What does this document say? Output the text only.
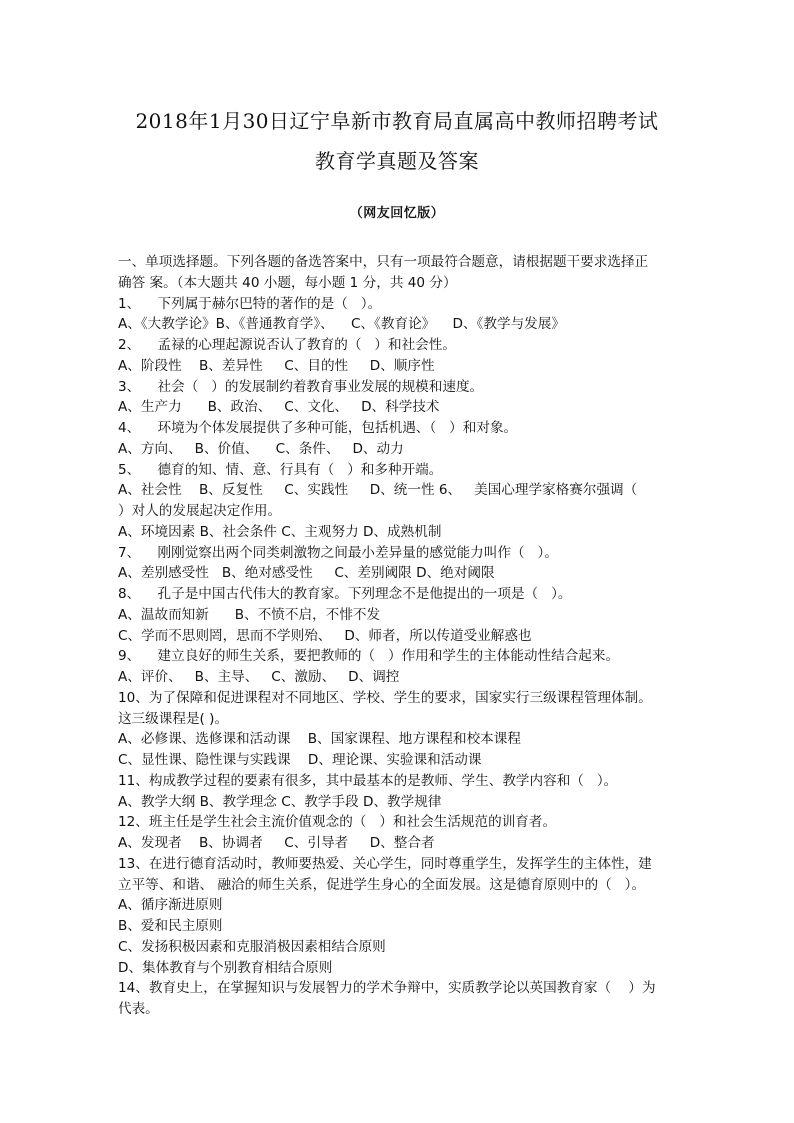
2018年1月30日辽宁阜新市教育局直属高中教师招聘考试
教育学真题及答案
（网友回忆版）
一、单项选择题。下列各题的备选答案中，只有一项最符合题意，请根据题干要求选择正
确答 案。（本大题共 40 小题，每小题 1 分，共 40 分）
1、    下列属于赫尔巴特的著作的是（   ）。
A、《大教学论》B、《普通教育学》、    C、《教育论》    D、《教学与发展》
2、    孟禄的心理起源说否认了教育的（   ）和社会性。
A、阶段性    B、差异性     C、目的性     D、顺序性
3、    社会（   ）的发展制约着教育事业发展的规模和速度。
A、生产力      B、政治、   C、文化、   D、科学技术
4、    环境为个体发展提供了多种可能，包括机遇、（   ）和对象。
A、方向、   B、价值、    C、条件、   D、动力
5、    德育的知、情、意、行具有（   ）和多种开端。
A、社会性    B、反复性     C、实践性     D、统一性 6、   美国心理学家格赛尔强调（
）对人的发展起决定作用。
A、环境因素 B、社会条件 C、主观努力 D、成熟机制
7、    刚刚觉察出两个同类刺激物之间最小差异量的感觉能力叫作（   ）。
A、差别感受性   B、绝对感受性     C、差别阈限 D、绝对阈限
8、    孔子是中国古代伟大的教育家。下列理念不是他提出的一项是（   ）。
A、温故而知新      B、不愤不启，不悱不发
C、学而不思则罔，思而不学则殆、   D、师者，所以传道受业解惑也
9、    建立良好的师生关系，要把教师的（   ）作用和学生的主体能动性结合起来。
A、评价、   B、主导、   C、激励、   D、调控
10、为了保障和促进课程对不同地区、学校、学生的要求，国家实行三级课程管理体制。
这三级课程是( )。
A、必修课、选修课和活动课    B、国家课程、地方课程和校本课程
C、显性课、隐性课与实践课    D、理论课、实验课和活动课
11、构成教学过程的要素有很多，其中最基本的是教师、学生、教学内容和（   ）。
A、教学大纲 B、教学理念 C、教学手段 D、教学规律
12、班主任是学生社会主流价值观念的（   ）和社会生活规范的训育者。
A、发现者    B、协调者     C、引导者     D、整合者
13、在进行德育活动时，教师要热爱、关心学生，同时尊重学生，发挥学生的主体性，建
立平等、和谐、 融洽的师生关系，促进学生身心的全面发展。这是德育原则中的（   ）。
A、循序渐进原则
B、爱和民主原则
C、发扬积极因素和克服消极因素相结合原则
D、集体教育与个别教育相结合原则
14、教育史上，在掌握知识与发展智力的学术争辩中，实质教学论以英国教育家（    ）为
代表。
